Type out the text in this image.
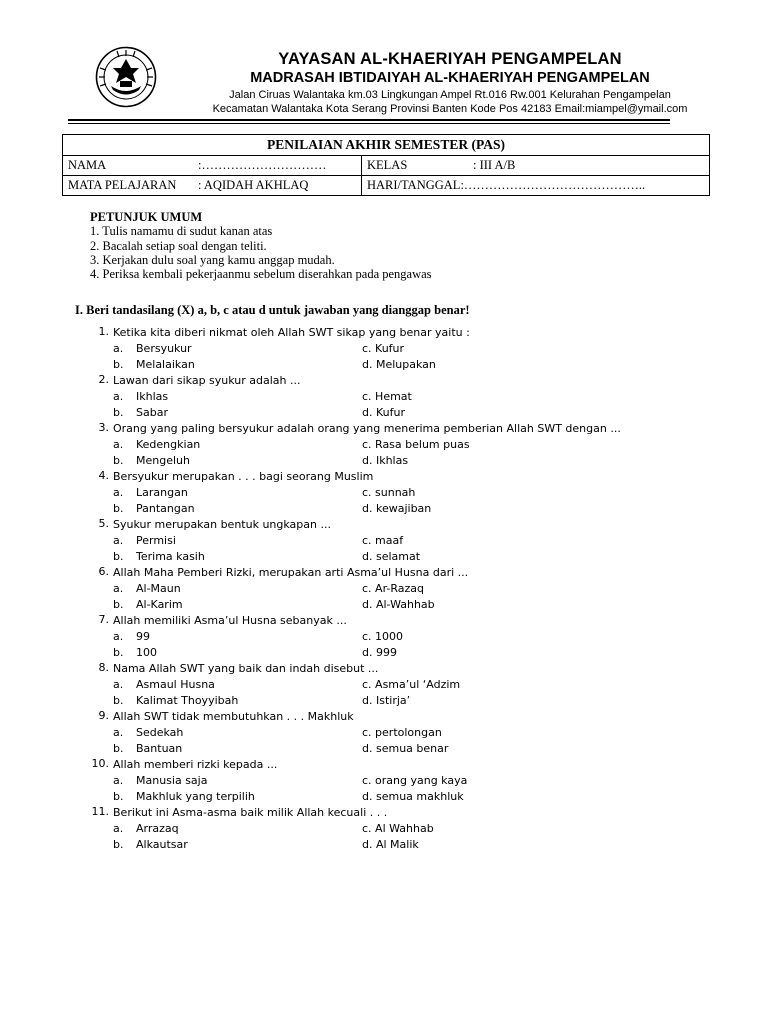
YAYASAN AL-KHAERIYAH PENGAMPELAN
MADRASAH IBTIDAIYAH AL-KHAERIYAH PENGAMPELAN
Jalan Ciruas Walantaka km.03 Lingkungan Ampel Rt.016 Rw.001 Kelurahan Pengampelan
Kecamatan Walantaka Kota Serang Provinsi Banten Kode Pos 42183 Email:miampel@ymail.com
PENILAIAN AKHIR SEMESTER (PAS)	
NAMA :…………………………	KELAS : III A/B
MATA PELAJARAN : AQIDAH AKHLAQ	HARI/TANGGAL:……………………………………..
PETUNJUK UMUM
1. Tulis namamu di sudut kanan atas
2. Bacalah setiap soal dengan teliti.
3. Kerjakan dulu soal yang kamu anggap mudah.
4. Periksa kembali pekerjaanmu sebelum diserahkan pada pengawas
I. Beri tandasilang (X) a, b, c atau d untuk jawaban yang dianggap benar!
1. Ketika kita diberi nikmat oleh Allah SWT sikap yang benar yaitu :
a. Bersyukur	c. Kufur
b. Melalaikan	d. Melupakan
2. Lawan dari sikap syukur adalah ...
a. Ikhlas	c. Hemat
b. Sabar	d. Kufur
3. Orang yang paling bersyukur adalah orang yang menerima pemberian Allah SWT dengan ...
a. Kedengkian	c. Rasa belum puas
b. Mengeluh	d. Ikhlas
4. Bersyukur merupakan . . . bagi seorang Muslim
a. Larangan	c. sunnah
b. Pantangan	d. kewajiban
5. Syukur merupakan bentuk ungkapan ...
a. Permisi	c. maaf
b. Terima kasih	d. selamat
6. Allah Maha Pemberi Rizki, merupakan arti Asma’ul Husna dari ...
a. Al-Maun	c. Ar-Razaq
b. Al-Karim	d. Al-Wahhab
7. Allah memiliki Asma’ul Husna sebanyak ...
a. 99	c. 1000
b. 100	d. 999
8. Nama Allah SWT yang baik dan indah disebut ...
a. Asmaul Husna	c. Asma’ul ‘Adzim
b. Kalimat Thoyyibah	d. Istirja’
9. Allah SWT tidak membutuhkan . . . Makhluk
a. Sedekah	c. pertolongan
b. Bantuan	d. semua benar
10. Allah memberi rizki kepada ...
a. Manusia saja	c. orang yang kaya
b. Makhluk yang terpilih	d. semua makhluk
11. Berikut ini Asma-asma baik milik Allah kecuali . . .
a. Arrazaq	c. Al Wahhab
b. Alkautsar	d. Al Malik
